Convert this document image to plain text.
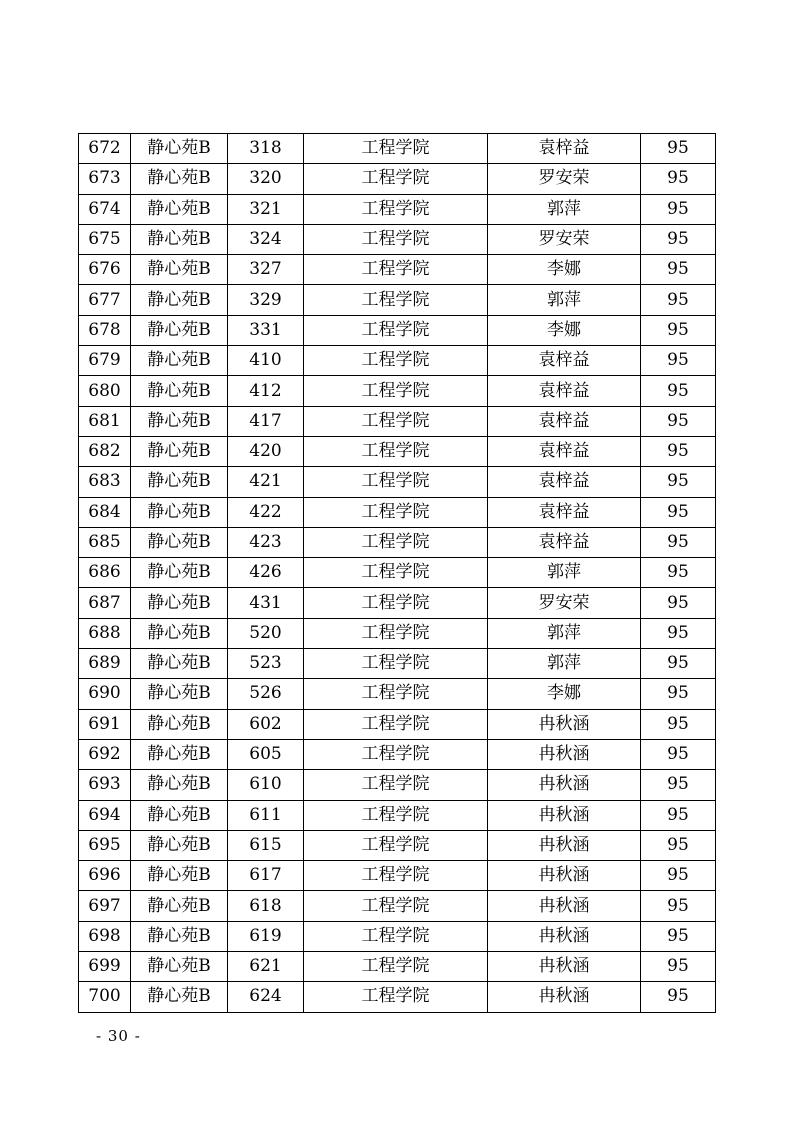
672	静心苑B	318	工程学院	袁梓益	95
673	静心苑B	320	工程学院	罗安荣	95
674	静心苑B	321	工程学院	郭萍	95
675	静心苑B	324	工程学院	罗安荣	95
676	静心苑B	327	工程学院	李娜	95
677	静心苑B	329	工程学院	郭萍	95
678	静心苑B	331	工程学院	李娜	95
679	静心苑B	410	工程学院	袁梓益	95
680	静心苑B	412	工程学院	袁梓益	95
681	静心苑B	417	工程学院	袁梓益	95
682	静心苑B	420	工程学院	袁梓益	95
683	静心苑B	421	工程学院	袁梓益	95
684	静心苑B	422	工程学院	袁梓益	95
685	静心苑B	423	工程学院	袁梓益	95
686	静心苑B	426	工程学院	郭萍	95
687	静心苑B	431	工程学院	罗安荣	95
688	静心苑B	520	工程学院	郭萍	95
689	静心苑B	523	工程学院	郭萍	95
690	静心苑B	526	工程学院	李娜	95
691	静心苑B	602	工程学院	冉秋涵	95
692	静心苑B	605	工程学院	冉秋涵	95
693	静心苑B	610	工程学院	冉秋涵	95
694	静心苑B	611	工程学院	冉秋涵	95
695	静心苑B	615	工程学院	冉秋涵	95
696	静心苑B	617	工程学院	冉秋涵	95
697	静心苑B	618	工程学院	冉秋涵	95
698	静心苑B	619	工程学院	冉秋涵	95
699	静心苑B	621	工程学院	冉秋涵	95
700	静心苑B	624	工程学院	冉秋涵	95
- 30 -
